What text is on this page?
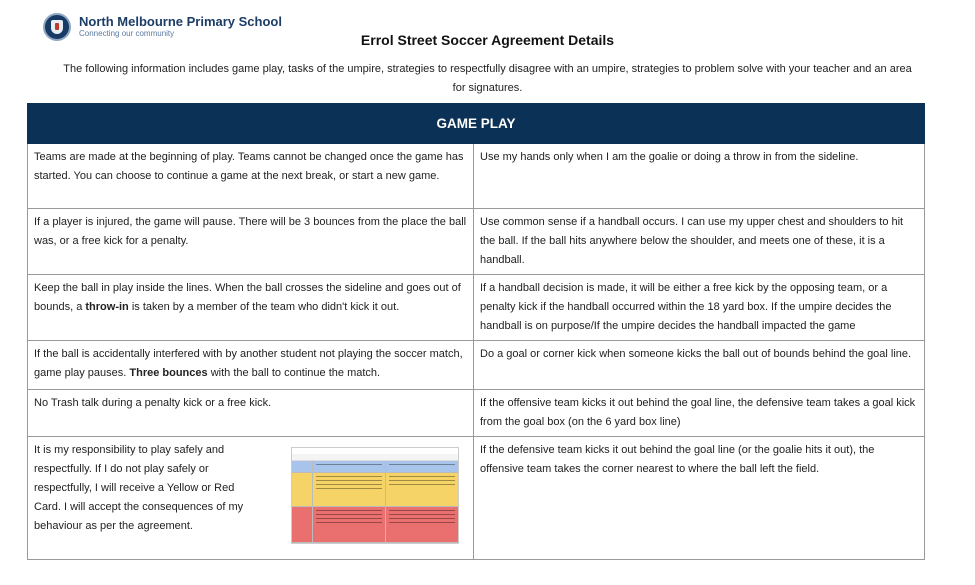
North Melbourne Primary School
Connecting our community	Errol Street Soccer Agreement Details
The following information includes game play, tasks of the umpire, strategies to respectfully disagree with an umpire, strategies to problem solve with your teacher and an area for signatures.
GAME PLAY	
Teams are made at the beginning of play. Teams cannot be changed once the game has started. You can choose to continue a game at the next break, or start a new game.	Use my hands only when I am the goalie or doing a throw in from the sideline.
If a player is injured, the game will pause. There will be 3 bounces from the place the ball was, or a free kick for a penalty.	Use common sense if a handball occurs. I can use my upper chest and shoulders to hit the ball. If the ball hits anywhere below the shoulder, and meets one of these, it is a handball.
Keep the ball in play inside the lines. When the ball crosses the sideline and goes out of bounds, a throw-in is taken by a member of the team who didn't kick it out.	If a handball decision is made, it will be either a free kick by the opposing team, or a penalty kick if the handball occurred within the 18 yard box. If the umpire decides the handball is on purpose/If the umpire decides the handball impacted the game
If the ball is accidentally interfered with by another student not playing the soccer match, game play pauses. Three bounces with the ball to continue the match.	Do a goal or corner kick when someone kicks the ball out of bounds behind the goal line.
No Trash talk during a penalty kick or a free kick.	If the offensive team kicks it out behind the goal line, the defensive team takes a goal kick from the goal box (on the 6 yard box line)

It is my responsibility to play safely and respectfully. If I do not play safely or respectfully, I will receive a Yellow or Red Card. I will accept the consequences of my behaviour as per the agreement.	If the defensive team kicks it out behind the goal line (or the goalie hits it out), the offensive team takes the corner nearest to where the ball left the field.
